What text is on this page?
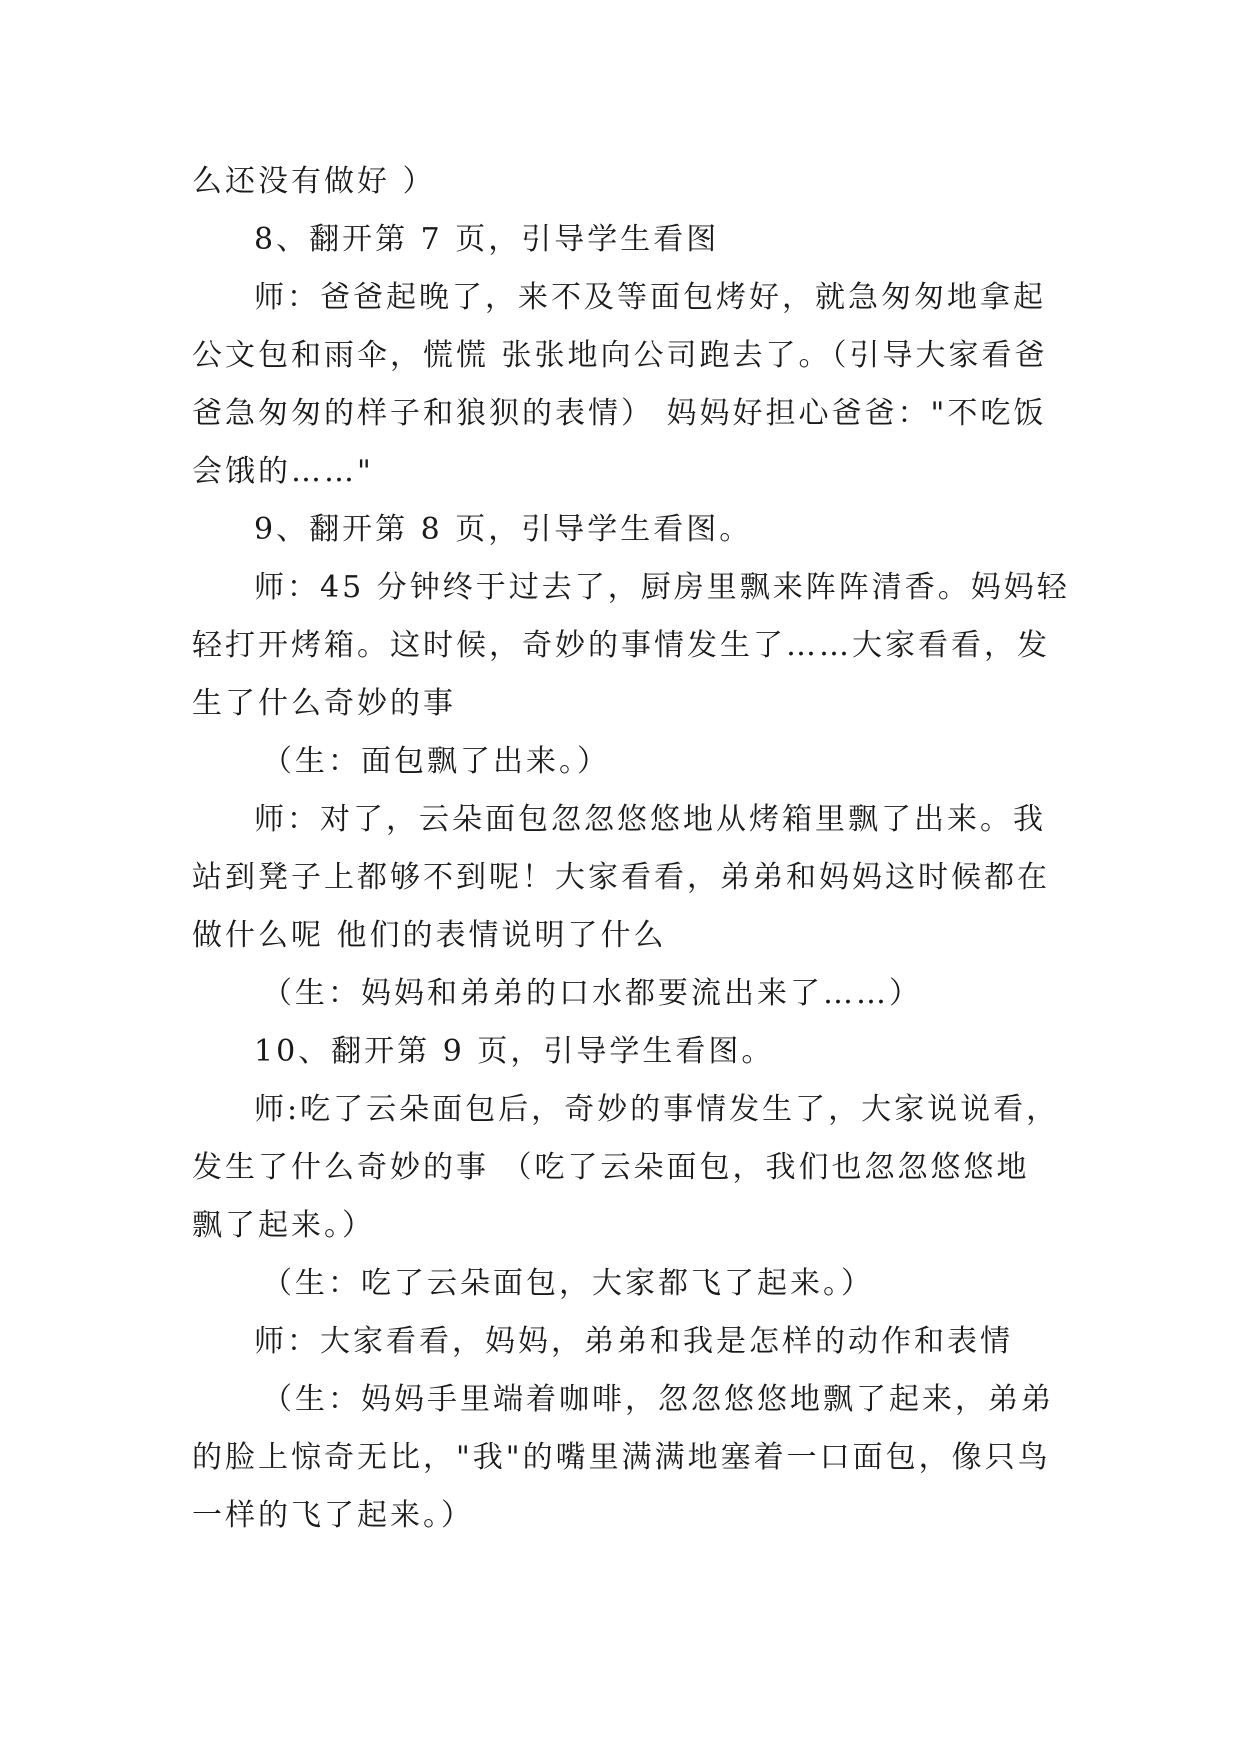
么还没有做好 ）
8、翻开第 7 页，引导学生看图
师：爸爸起晚了，来不及等面包烤好，就急匆匆地拿起
公文包和雨伞，慌慌 张张地向公司跑去了。（引导大家看爸
爸急匆匆的样子和狼狈的表情） 妈妈好担心爸爸："不吃饭
会饿的……"
9、翻开第 8 页，引导学生看图。
师：45 分钟终于过去了，厨房里飘来阵阵清香。妈妈轻
轻打开烤箱。这时候，奇妙的事情发生了……大家看看，发
生了什么奇妙的事
（生：面包飘了出来。）
师：对了，云朵面包忽忽悠悠地从烤箱里飘了出来。我
站到凳子上都够不到呢！大家看看，弟弟和妈妈这时候都在
做什么呢 他们的表情说明了什么
（生：妈妈和弟弟的口水都要流出来了……）
10、翻开第 9 页，引导学生看图。
师:吃了云朵面包后，奇妙的事情发生了，大家说说看，
发生了什么奇妙的事 （吃了云朵面包，我们也忽忽悠悠地
飘了起来。）
（生：吃了云朵面包，大家都飞了起来。）
师：大家看看，妈妈，弟弟和我是怎样的动作和表情
（生：妈妈手里端着咖啡，忽忽悠悠地飘了起来，弟弟
的脸上惊奇无比，"我"的嘴里满满地塞着一口面包，像只鸟
一样的飞了起来。）
